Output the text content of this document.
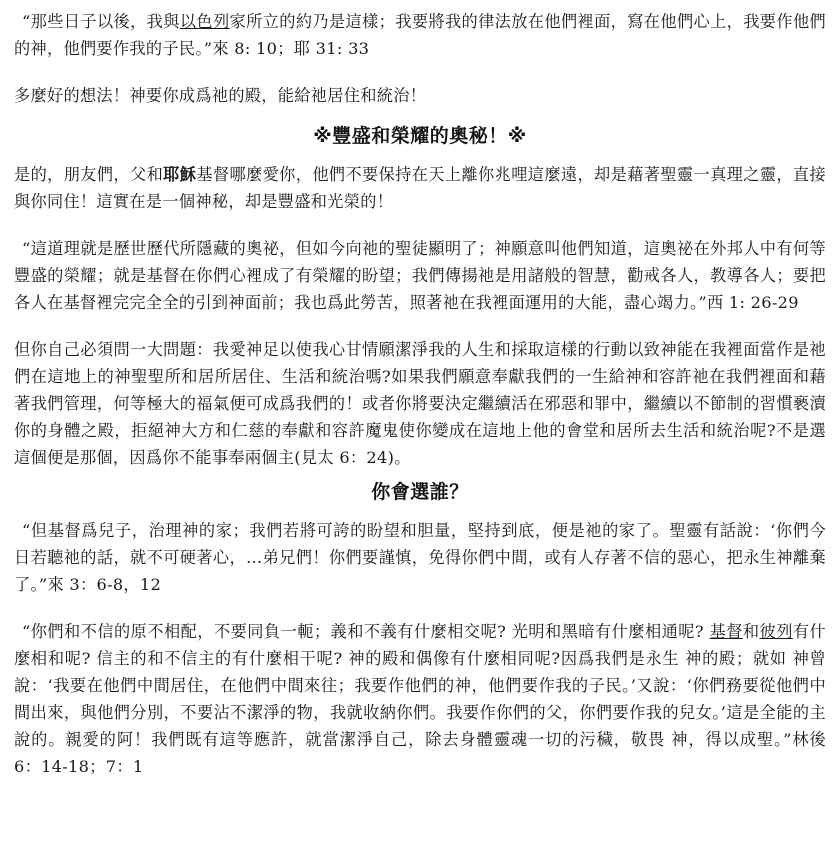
“那些日子以後，我與以色列家所立的約乃是這樣；我要將我的律法放在他們裡面，寫在他們心上，我要作他們的神，他們要作我的子民。”來 8: 10；耶 31: 33

多麼好的想法！神要你成爲祂的殿，能給祂居住和統治！

※豐盛和榮耀的奧秘！※

是的，朋友們，父和耶穌基督哪麼愛你，他們不要保持在天上離你兆哩這麼遠，却是藉著聖靈一真理之靈，直接與你同住！這實在是一個神秘，却是豐盛和光榮的！

“這道理就是歷世歷代所隱藏的奧祕，但如今向祂的聖徒顯明了；神願意叫他們知道，這奧祕在外邦人中有何等豐盛的榮耀；就是基督在你們心裡成了有榮耀的盼望；我們傳揚祂是用諸般的智慧，勸戒各人，教導各人；要把各人在基督裡完完全全的引到神面前；我也爲此勞苦，照著祂在我裡面運用的大能，盡心竭力。”西 1: 26-29

但你自己必須問一大問題：我愛神足以使我心甘情願潔淨我的人生和採取這樣的行動以致神能在我裡面當作是祂們在這地上的神聖聖所和居所居住、生活和統治嗎?如果我們願意奉獻我們的一生給神和容許祂在我們裡面和藉著我們管理，何等極大的福氣便可成爲我們的！或者你將要決定繼續活在邪惡和罪中，繼續以不節制的習慣褻瀆你的身體之殿，拒絕神大方和仁慈的奉獻和容許魔鬼使你變成在這地上他的會堂和居所去生活和統治呢?不是選這個便是那個，因爲你不能事奉兩個主(見太 6：24)。

你會選誰？

“但基督爲兒子，治理神的家；我們若將可誇的盼望和胆量，堅持到底，便是祂的家了。聖靈有話說：‘你們今日若聽祂的話，就不可硬著心，…弟兄們！你們要謹慎，免得你們中間，或有人存著不信的惡心，把永生神離棄了。”來 3：6-8，12

“你們和不信的原不相配，不要同負一軛；義和不義有什麼相交呢? 光明和黑暗有什麼相通呢? 基督和彼列有什麼相和呢? 信主的和不信主的有什麼相干呢? 神的殿和偶像有什麼相同呢?因爲我們是永生 神的殿；就如 神曾說：‘我要在他們中間居住，在他們中間來往；我要作他們的神，他們要作我的子民。’又說：‘你們務要從他們中間出來，與他們分別，不要沾不潔淨的物，我就收納你們。我要作你們的父，你們要作我的兒女。’這是全能的主說的。親愛的阿！我們既有這等應許，就當潔淨自己，除去身體靈魂一切的污穢，敬畏 神，得以成聖。”林後 6：14-18；7：1
